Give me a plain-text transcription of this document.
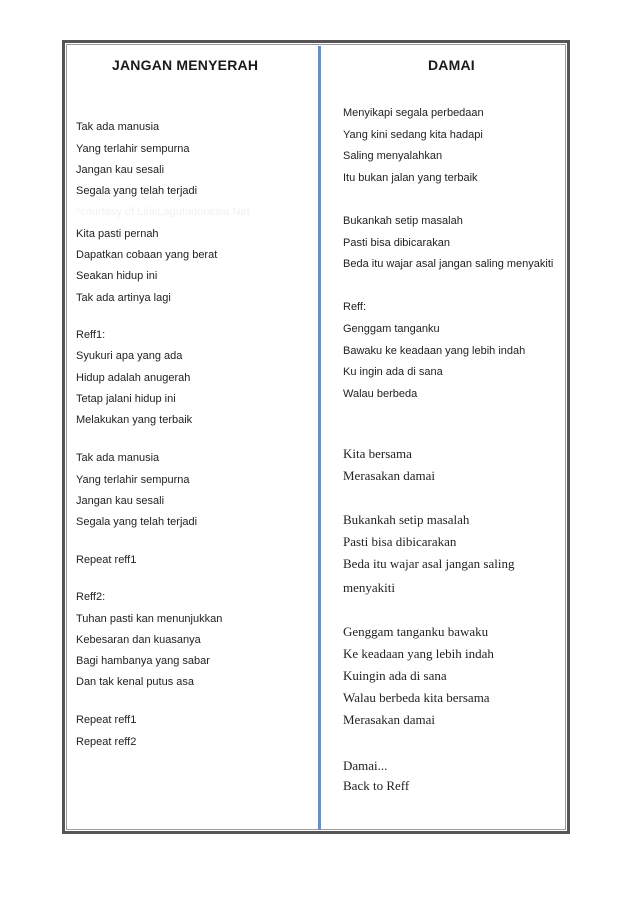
JANGAN MENYERAH	DAMAI
*courtesy of LirikLaguIndonesia.Net
Tak ada manusia
Yang terlahir sempurna
Jangan kau sesali
Segala yang telah terjadi
Kita pasti pernah
Dapatkan cobaan yang berat
Seakan hidup ini
Tak ada artinya lagi
Reff1:
Syukuri apa yang ada
Hidup adalah anugerah
Tetap jalani hidup ini
Melakukan yang terbaik
Tak ada manusia
Yang terlahir sempurna
Jangan kau sesali
Segala yang telah terjadi
Repeat reff1
Reff2:
Tuhan pasti kan menunjukkan
Kebesaran dan kuasanya
Bagi hambanya yang sabar
Dan tak kenal putus asa
Repeat reff1
Repeat reff2
Menyikapi segala perbedaan
Yang kini sedang kita hadapi
Saling menyalahkan
Itu bukan jalan yang terbaik
Bukankah setip masalah
Pasti bisa dibicarakan
Beda itu wajar asal jangan saling menyakiti
Reff:
Genggam tanganku
Bawaku ke keadaan yang lebih indah
Ku ingin ada di sana
Walau berbeda
Kita bersama
Merasakan damai
Bukankah setip masalah
Pasti bisa dibicarakan
Beda itu wajar asal jangan saling
menyakiti
Genggam tanganku bawaku
Ke keadaan yang lebih indah
Kuingin ada di sana
Walau berbeda kita bersama
Merasakan damai
Damai...
Back to Reff
